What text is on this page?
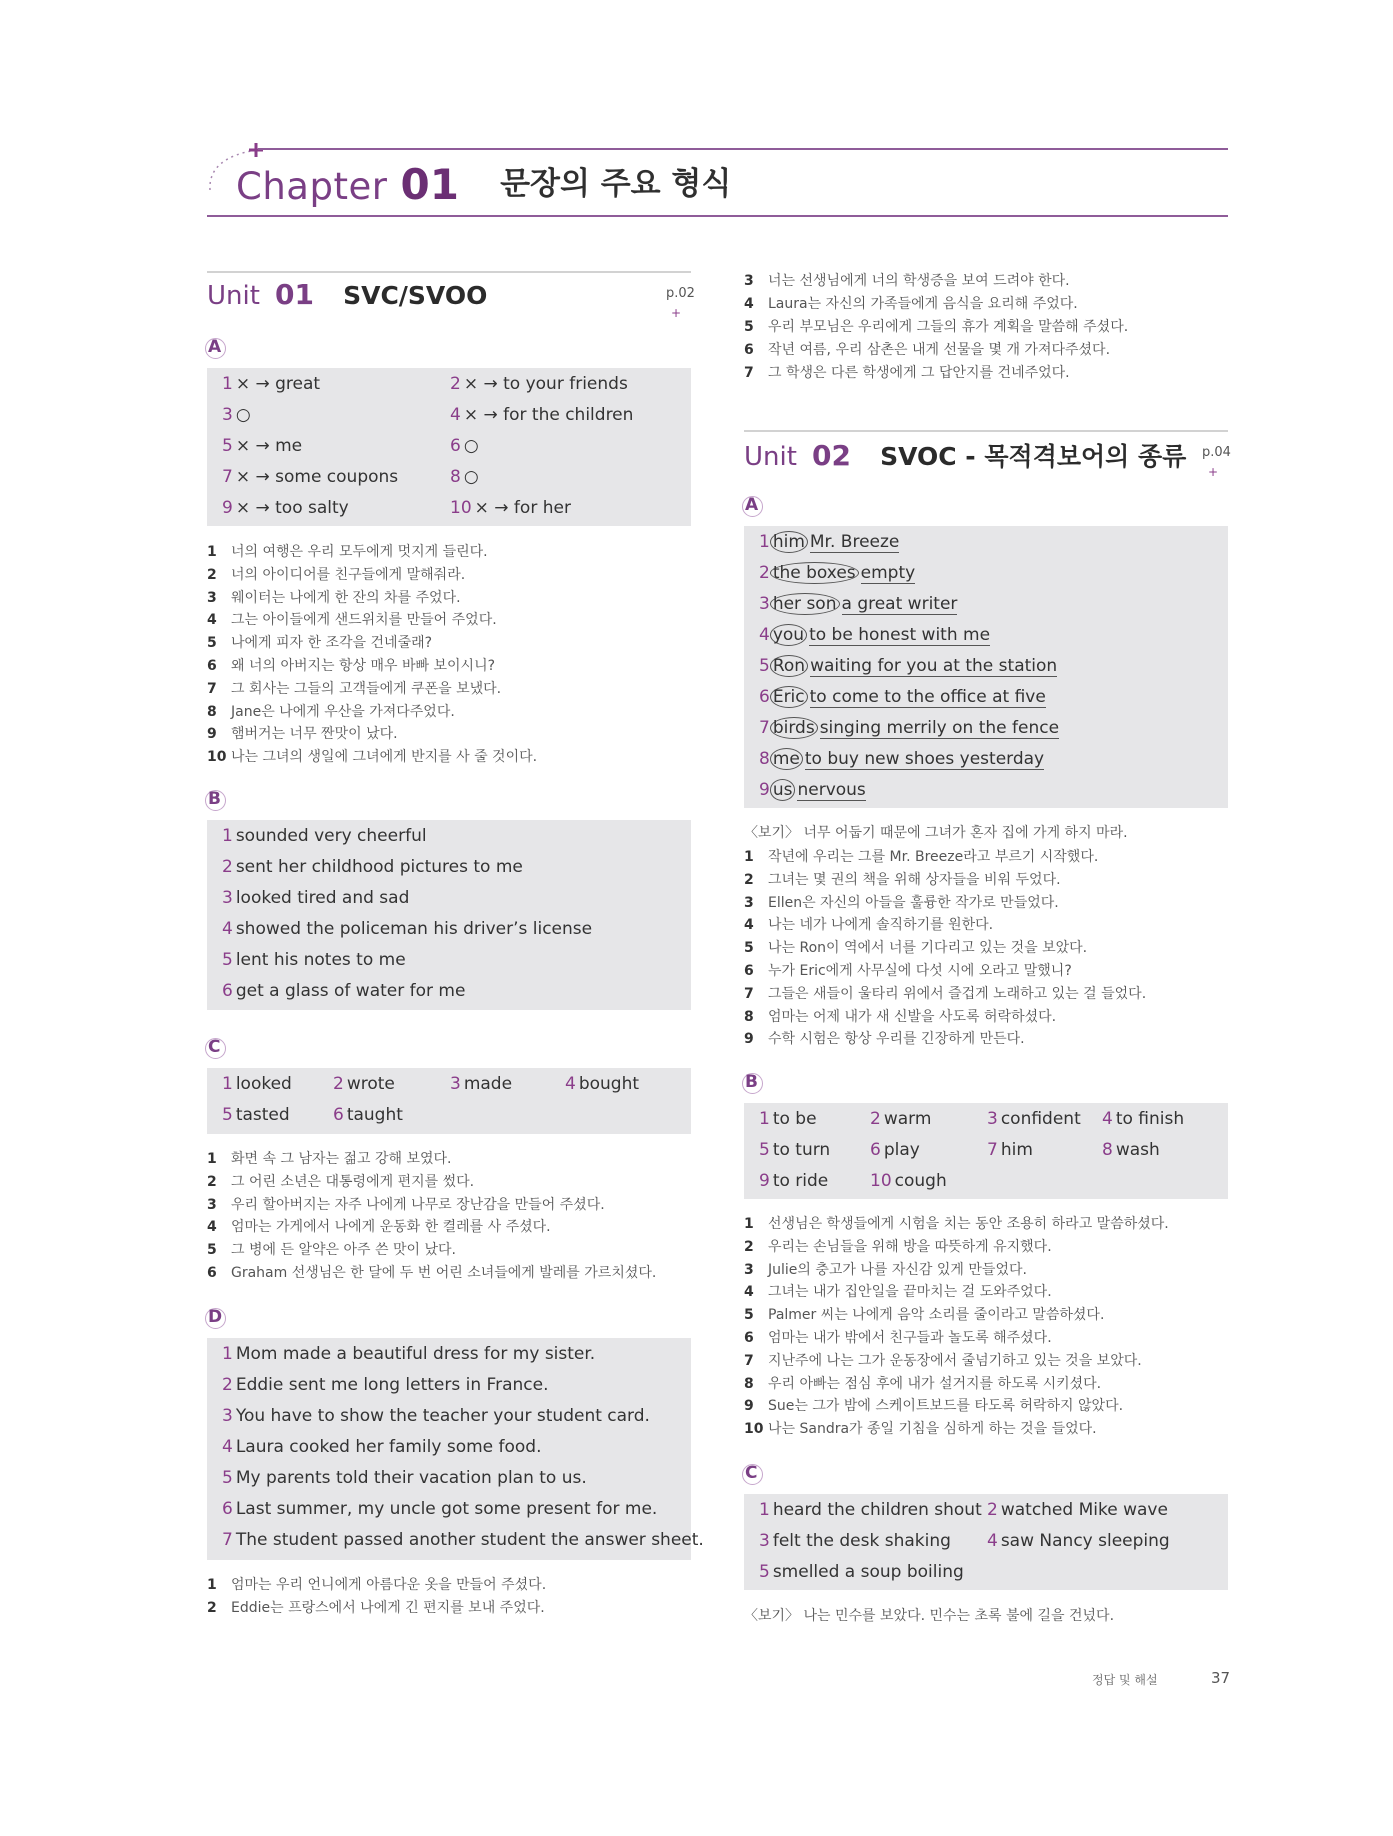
Chapter 01 문장의 주요 형식
Unit 01 SVC/SVOO	p.02
+
A
1 × → great	2 × → to your friends
3 ○	4 × → for the children
5 × → me	6 ○
7 × → some coupons	8 ○
9 × → too salty	10 × → for her
1 너의 여행은 우리 모두에게 멋지게 들린다.
2 너의 아이디어를 친구들에게 말해줘라.
3 웨이터는 나에게 한 잔의 차를 주었다.
4 그는 아이들에게 샌드위치를 만들어 주었다.
5 나에게 피자 한 조각을 건네줄래?
6 왜 너의 아버지는 항상 매우 바빠 보이시니?
7 그 회사는 그들의 고객들에게 쿠폰을 보냈다.
8 Jane은 나에게 우산을 가져다주었다.
9 햄버거는 너무 짠맛이 났다.
10 나는 그녀의 생일에 그녀에게 반지를 사 줄 것이다.
B
1 sounded very cheerful
2 sent her childhood pictures to me
3 looked tired and sad
4 showed the policeman his driver’s license
5 lent his notes to me
6 get a glass of water for me
C
1 looked 2 wrote	3 made	4 bought
5 tasted	6 taught
1 화면 속 그 남자는 젊고 강해 보였다.
2 그 어린 소년은 대통령에게 편지를 썼다.
3 우리 할아버지는 자주 나에게 나무로 장난감을 만들어 주셨다.
4 엄마는 가게에서 나에게 운동화 한 켤레를 사 주셨다.
5 그 병에 든 알약은 아주 쓴 맛이 났다.
6 Graham 선생님은 한 달에 두 번 어린 소녀들에게 발레를 가르치셨다.
D
1 Mom made a beautiful dress for my sister.
2 Eddie sent me long letters in France.
3 You have to show the teacher your student card.
4 Laura cooked her family some food.
5 My parents told their vacation plan to us.
6 Last summer, my uncle got some present for me.
7 The student passed another student the answer sheet.
1 엄마는 우리 언니에게 아름다운 옷을 만들어 주셨다.
2 Eddie는 프랑스에서 나에게 긴 편지를 보내 주었다.
3 너는 선생님에게 너의 학생증을 보여 드려야 한다.
4 Laura는 자신의 가족들에게 음식을 요리해 주었다.
5 우리 부모님은 우리에게 그들의 휴가 계획을 말씀해 주셨다.
6 작년 여름, 우리 삼촌은 내게 선물을 몇 개 가져다주셨다.
7 그 학생은 다른 학생에게 그 답안지를 건네주었다.
Unit 02 SVOC - 목적격보어의 종류 p.04
+
A
1 him Mr. Breeze
2 the boxes empty
3 her son a great writer
4 you to be honest with me
5 Ron waiting for you at the station
6 Eric to come to the office at five
7 birds singing merrily on the fence
8 me to buy new shoes yesterday
9 us nervous
〈보기〉 너무 어둡기 때문에 그녀가 혼자 집에 가게 하지 마라.
1 작년에 우리는 그를 Mr. Breeze라고 부르기 시작했다.
2 그녀는 몇 권의 책을 위해 상자들을 비워 두었다.
3 Ellen은 자신의 아들을 훌륭한 작가로 만들었다.
4 나는 네가 나에게 솔직하기를 원한다.
5 나는 Ron이 역에서 너를 기다리고 있는 것을 보았다.
6 누가 Eric에게 사무실에 다섯 시에 오라고 말했니?
7 그들은 새들이 울타리 위에서 즐겁게 노래하고 있는 걸 들었다.
8 엄마는 어제 내가 새 신발을 사도록 허락하셨다.
9 수학 시험은 항상 우리를 긴장하게 만든다.
B
1 to be	2 warm	3 confident 4 to finish
5 to turn 6 play	7 him	8 wash
9 to ride 10 cough
1 선생님은 학생들에게 시험을 치는 동안 조용히 하라고 말씀하셨다.
2 우리는 손님들을 위해 방을 따뜻하게 유지했다.
3 Julie의 충고가 나를 자신감 있게 만들었다.
4 그녀는 내가 집안일을 끝마치는 걸 도와주었다.
5 Palmer 씨는 나에게 음악 소리를 줄이라고 말씀하셨다.
6 엄마는 내가 밖에서 친구들과 놀도록 해주셨다.
7 지난주에 나는 그가 운동장에서 줄넘기하고 있는 것을 보았다.
8 우리 아빠는 점심 후에 내가 설거지를 하도록 시키셨다.
9 Sue는 그가 밤에 스케이트보드를 타도록 허락하지 않았다.
10 나는 Sandra가 종일 기침을 심하게 하는 것을 들었다.
C
1 heard the children shout 2 watched Mike wave
3 felt the desk shaking 4 saw Nancy sleeping
5 smelled a soup boiling
〈보기〉 나는 민수를 보았다. 민수는 초록 불에 길을 건넜다.
정답 및 해설	37
